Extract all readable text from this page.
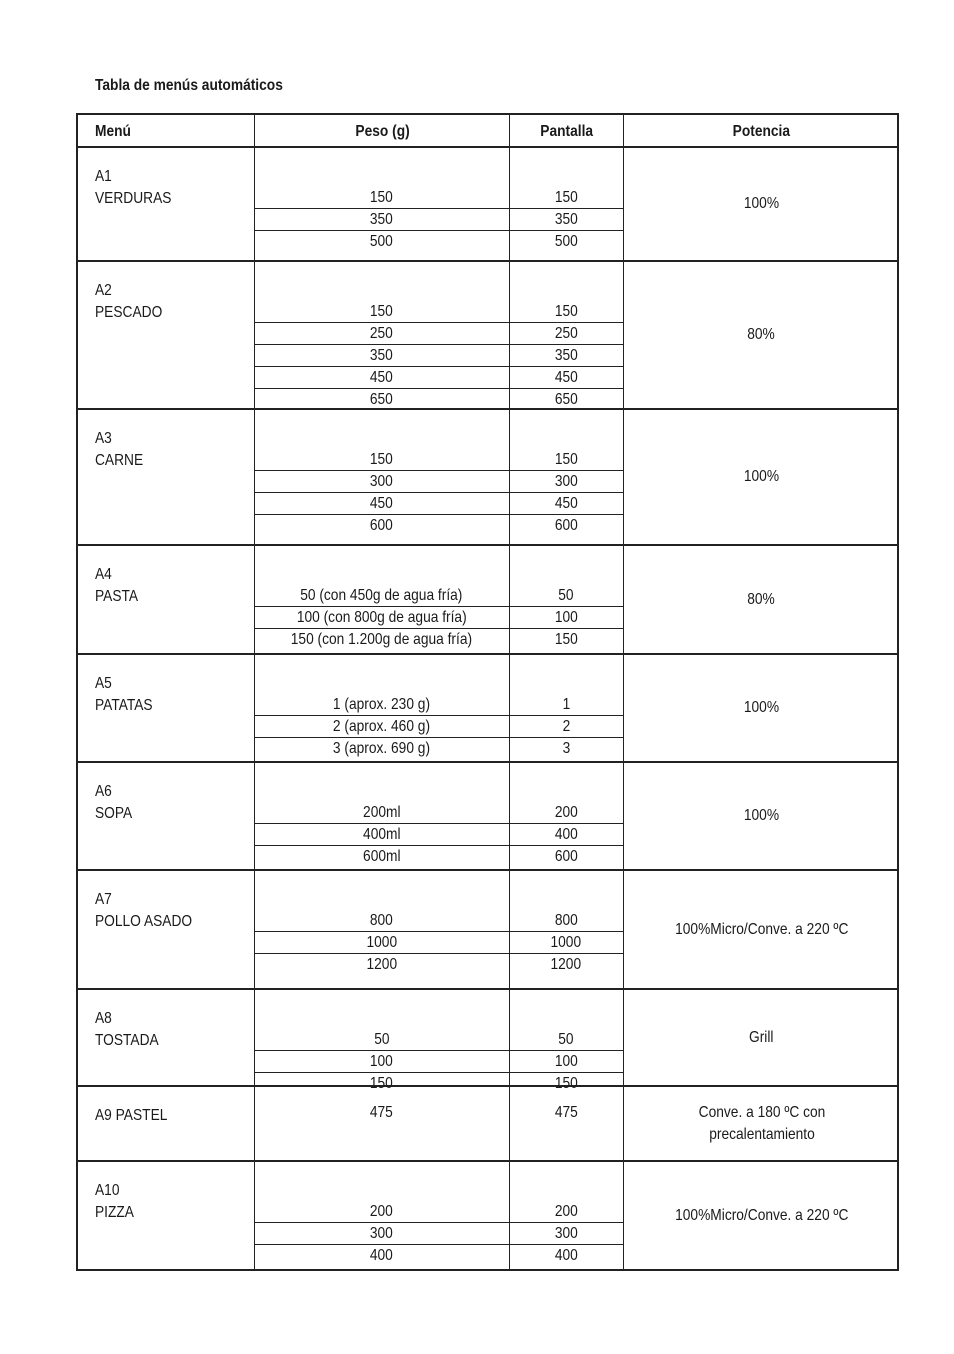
Tabla de menús automáticos
Menú	Peso (g)	Pantalla	Potencia
A1
VERDURAS	150	150
350	350
500	500
100%
A2
PESCADO	150	150
250	250
350	350
450	450
650	650
80%
A3
CARNE	150	150
300	300
450	450
600	600
100%
A4
PASTA	50 (con 450g de agua fría)	50
100 (con 800g de agua fría)	100
150 (con 1.200g de agua fría)	150
80%
A5
PATATAS	1 (aprox. 230 g)	1
2 (aprox. 460 g)	2
3 (aprox. 690 g)	3
100%
A6
SOPA	200ml	200
400ml	400
600ml	600
100%
A7
POLLO ASADO	800	800
1000	1000
1200	1200
100%Micro/Conve. a 220 ºC
A8
TOSTADA	50	50
100	100
150	150
Grill
A9 PASTEL	475	475	Conve. a 180 ºC con precalentamiento
A10
PIZZA	200	200
300	300
400	400
100%Micro/Conve. a 220 ºC
